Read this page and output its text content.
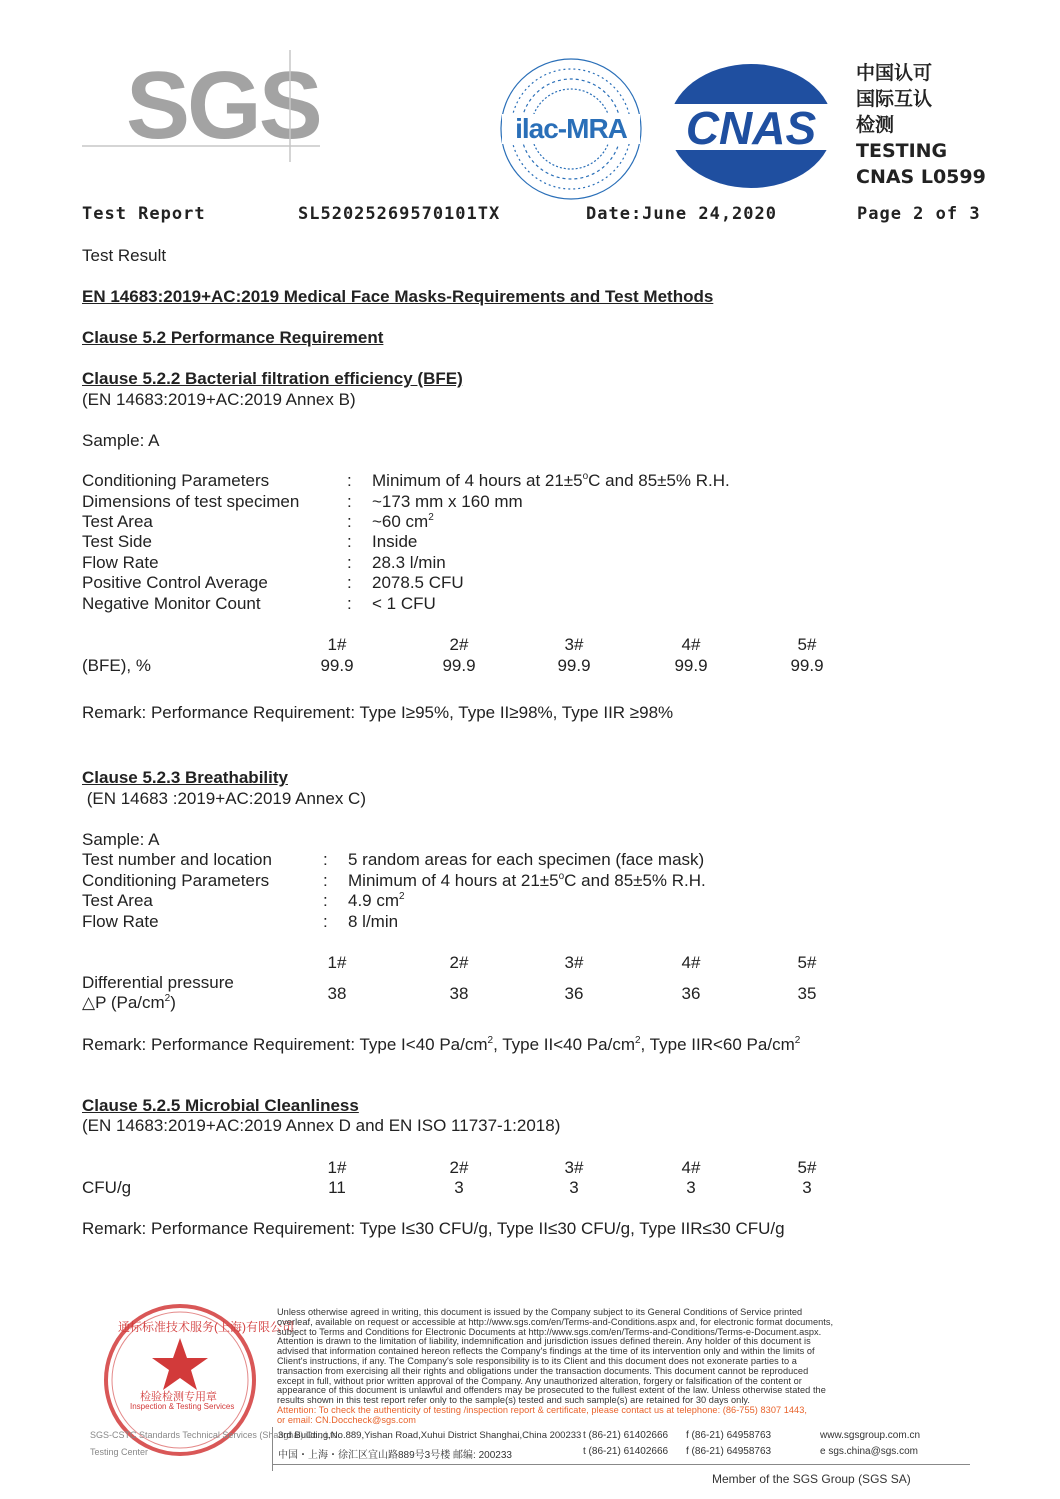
SGS	ilac-MRA CNAS
中国认可
国际互认
检测
TESTING
CNAS L0599
Test Report	SL52025269570101TX	Date:June 24,2020	Page 2 of 3
Test Result
EN 14683:2019+AC:2019 Medical Face Masks-Requirements and Test Methods
Clause 5.2 Performance Requirement
Clause 5.2.2 Bacterial filtration efficiency (BFE)
(EN 14683:2019+AC:2019 Annex B)
Sample: A
Conditioning Parameters	: Minimum of 4 hours at $21\pm 5^oC$ and 85±5% R.H.
Dimensions of test specimen	: ~173 mm x 160 mm
Test Area	: ~60 $cm^2$
Test Side	: Inside
Flow Rate	: 28.3 l/min
Positive Control Average	: 2078.5 CFU
Negative Monitor Count	: < 1 CFU
1#	2#	3#	4#	5#
(BFE), %	99.9	99.9	99.9	99.9	99.9
Remark: Performance Requirement: Type I≥95%, Type II≥98%, Type IIR ≥98%
Clause 5.2.3 Breathability
(EN 14683 :2019+AC:2019 Annex C)
Sample: A
Test number and location	: 5 random areas for each specimen (face mask)
Conditioning Parameters	: Minimum of 4 hours at $21\pm 5^oC$ and 85±5% R.H.
Test Area	: 4.9 $cm^2$
Flow Rate	: 8 l/min
1#	2#	3#	4#	5#
Differential pressure
△P $(Pa/cm^2)$	38	38	36	36	35
Remark: Performance Requirement: Type I<40 $Pa/cm^2$, Type II<40 $Pa/cm^2$, Type IIR<60 $Pa/cm^2$
Clause 5.2.5 Microbial Cleanliness
(EN 14683:2019+AC:2019 Annex D and EN ISO 11737-1:2018)
1#	2#	3#	4#	5#
CFU/g	11	3	3	3	3
Remark: Performance Requirement: Type I≤30 CFU/g, Type II≤30 CFU/g, Type IIR≤30 CFU/g
通标标准技术服务(上海)有限公司
检验检测专用章
Inspection & Testing Services
Unless otherwise agreed in writing, this document is issued by the Company subject to its General Conditions of Service printed
overleaf, available on request or accessible at http://www.sgs.com/en/Terms-and-Conditions.aspx and, for electronic format documents,
subject to Terms and Conditions for Electronic Documents at http://www.sgs.com/en/Terms-and-Conditions/Terms-e-Document.aspx.
Attention is drawn to the limitation of liability, indemnification and jurisdiction issues defined therein. Any holder of this document is
advised that information contained hereon reflects the Company's findings at the time of its intervention only and within the limits of
Client's instructions, if any. The Company's sole responsibility is to its Client and this document does not exonerate parties to a
transaction from exercising all their rights and obligations under the transaction documents. This document cannot be reproduced
except in full, without prior written approval of the Company. Any unauthorized alteration, forgery or falsification of the content or
appearance of this document is unlawful and offenders may be prosecuted to the fullest extent of the law. Unless otherwise stated the
results shown in this test report refer only to the sample(s) tested and such sample(s) are retained for 30 days only.
Attention: To check the authenticity of testing /inspection report & certificate, please contact us at telephone: (86-755) 8307 1443,
or email: CN.Doccheck@sgs.com
SGS-CSTC Standards Technical Services (Shanghai) Co., Ltd.
Testing Center
3rd Building,No.889,Yishan Road,Xuhui District Shanghai,China 200233
中国・上海・徐汇区宜山路889号3号楼 邮编: 200233
t (86-21) 61402666
t (86-21) 61402666
f (86-21) 64958763
f (86-21) 64958763
www.sgsgroup.com.cn
e sgs.china@sgs.com
Member of the SGS Group (SGS SA)
